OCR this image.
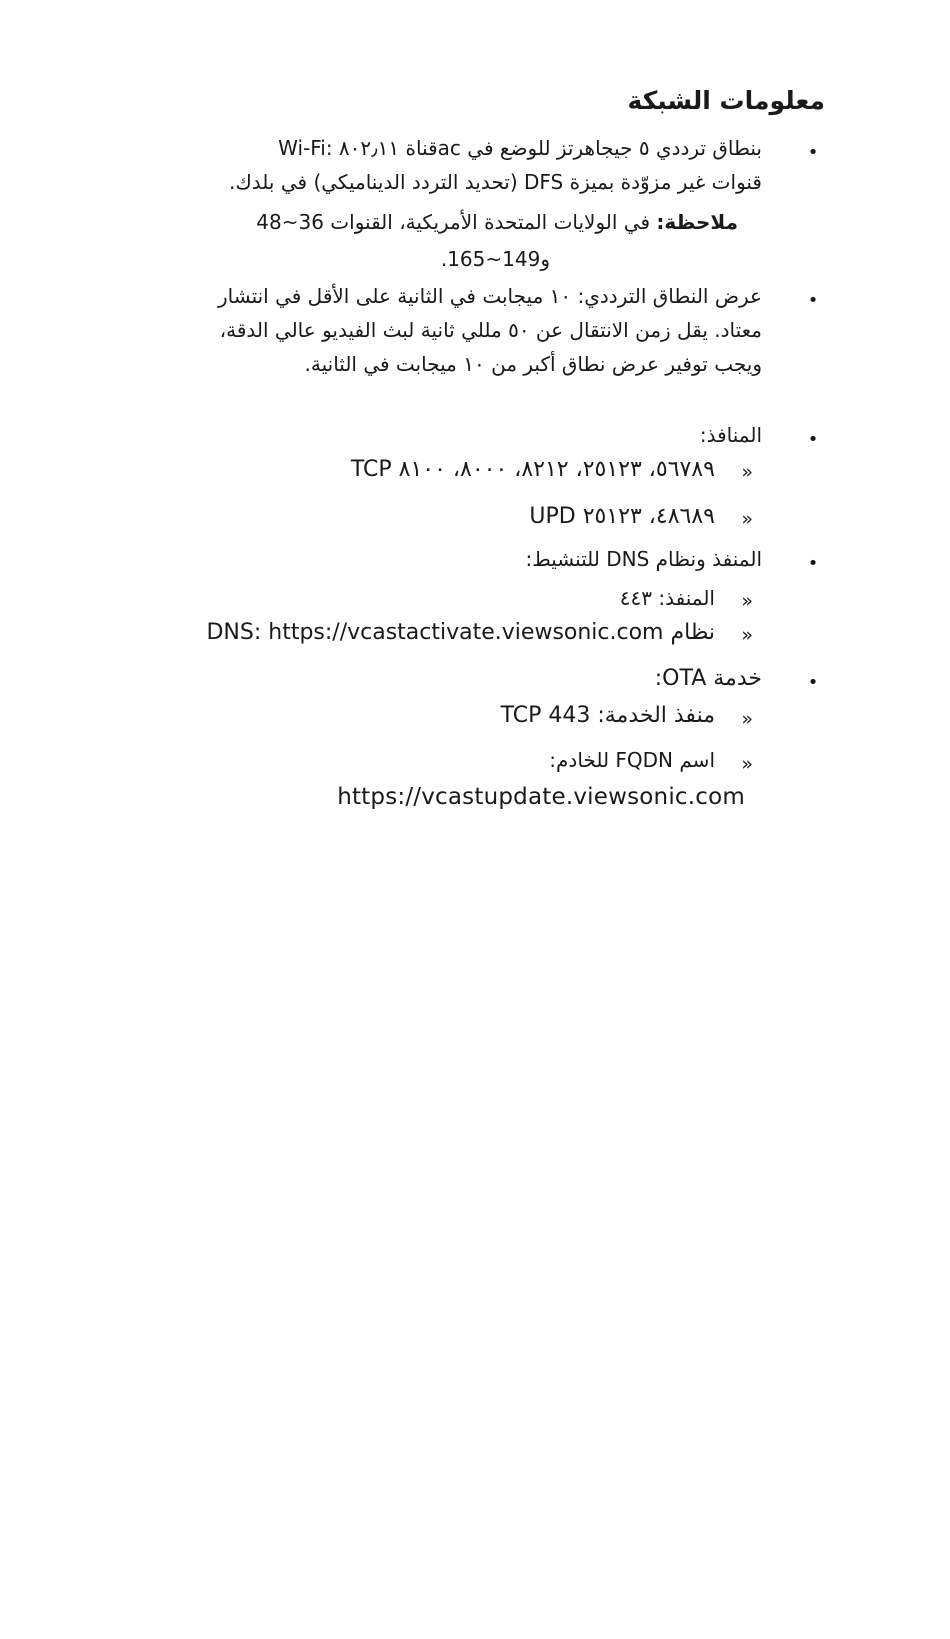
معلومات الشبكة
•
Wi-Fi: قناة ٨٠٢٫١١ac بنطاق ترددي ٥ جيجاهرتز للوضع في
قنوات غير مزوّدة بميزة DFS (تحديد التردد الديناميكي) في بلدك.
ملاحظة: في الولايات المتحدة الأمريكية، القنوات 36~48
و149~165.
•
عرض النطاق الترددي: ١٠ ميجابت في الثانية على الأقل في انتشار
معتاد. يقل زمن الانتقال عن ٥٠ مللي ثانية لبث الفيديو عالي الدقة،
ويجب توفير عرض نطاق أكبر من ١٠ ميجابت في الثانية.
•
المنافذ:
»
TCP ٥٦٧٨٩، ٢٥١٢٣، ٨٢١٢، ٨٠٠٠، ٨١٠٠
»
UPD ٤٨٦٨٩، ٢٥١٢٣
•
المنفذ ونظام DNS للتنشيط:
»
المنفذ: ٤٤٣
»
نظام DNS: https://vcastactivate.viewsonic.com
•
خدمة OTA:
»
منفذ الخدمة: TCP 443
»
اسم FQDN للخادم:
https://vcastupdate.viewsonic.com
